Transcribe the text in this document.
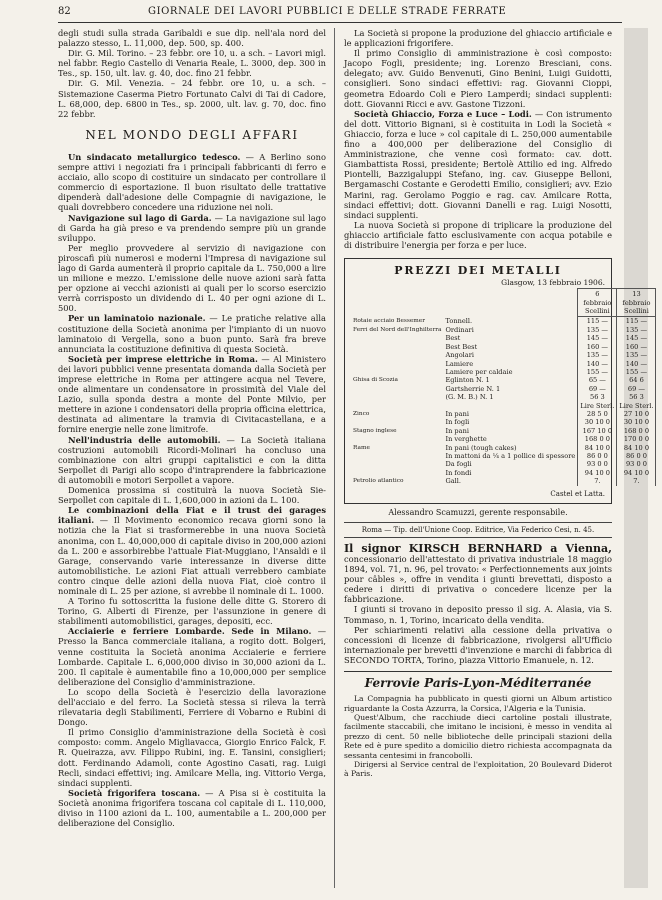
82	GIORNALE DEI LAVORI PUBBLICI E DELLE STRADE FERRATE

degli studi sulla strada Garibaldi e sue dip. nell'ala nord del palazzo stesso, L. 11,000, dep. 500, sp. 400.

Dir. G. Mil. Torino. – 23 febbr. ore 10, u. a sch. – Lavori migl. nel fabbr. Regio Castello di Venaria Reale, L. 3000, dep. 300 in Tes., sp. 150, ult. lav. g. 40, doc. fino 21 febbr.

Dir. G. Mil. Venezia. – 24 febbr. ore 10, u. a sch. – Sistemazione Caserma Pietro Fortunato Calvi di Tai di Cadore, L. 68,000, dep. 6800 in Tes., sp. 2000, ult. lav. g. 70, doc. fino 22 febbr.

NEL MONDO DEGLI AFFARI

Un sindacato metallurgico tedesco. — A Berlino sono sempre attivi i negoziati fra i principali fabbricanti di ferro e acciaio, allo scopo di costituire un sindacato per controllare il commercio di esportazione. Il buon risultato delle trattative dipenderà dall'adesione delle Compagnie di navigazione, le quali dovrebbero concedere una riduzione nei noli.

Navigazione sul lago di Garda. — La navigazione sul lago di Garda ha già preso e va prendendo sempre più un grande sviluppo.

Per meglio provvedere al servizio di navigazione con piroscafi più numerosi e moderni l'Impresa di navigazione sul lago di Garda aumenterà il proprio capitale da L. 750,000 a lire un milione e mezzo. L'emissione delle nuove azioni sarà fatta per opzione ai vecchi azionisti ai quali per lo scorso esercizio verrà corrisposto un dividendo di L. 40 per ogni azione di L. 500.

Per un laminatoio nazionale. — Le pratiche relative alla costituzione della Società anonima per l'impianto di un nuovo laminatoio di Vergella, sono a buon punto. Sarà fra breve annunciata la costituzione definitiva di questa Società.

Società per imprese elettriche in Roma. — Al Ministero dei lavori pubblici venne presentata domanda dalla Società per imprese elettriche in Roma per attingere acqua nel Tevere, onde alimentare un condensatore in prossimità del Viale del Lazio, sulla sponda destra a monte del Ponte Milvio, per mettere in azione i condensatori della propria officina elettrica, destinata ad alimentare la tramvia di Civitacastellana, e a fornire energie nelle zone limitrofe.

Nell'industria delle automobili. — La Società italiana costruzioni automobili Ricordi-Molinari ha concluso una combinazione con altri gruppi capitalistici e con la ditta Serpollet di Parigi allo scopo d'intraprendere la fabbricazione di automobili e motori Serpollet a vapore.

Domenica prossima si costituirà la nuova Società Sie-Serpollet con capitale di L. 1,600,000 in azioni da L. 100.

Le combinazioni della Fiat e il trust dei garages italiani. — Il Movimento economico recava giorni sono la notizia che la Fiat si trasformerebbe in una nuova Società anonima, con L. 40,000,000 di capitale diviso in 200,000 azioni da L. 200 e assorbirebbe l'attuale Fiat-Muggiano, l'Ansaldi e il Garage, conservando varie interessanze in diverse ditte automobilistiche. Le azioni Fiat attuali verrebbero cambiate contro cinque delle azioni della nuova Fiat, cioè contro il nominale di L. 25 per azione, si avrebbe il nominale di L. 1000.

A Torino fu sottoscritta la fusione delle ditte G. Storero di Torino, G. Alberti di Firenze, per l'assunzione in genere di stabilimenti automobilistici, garages, depositi, ecc.

Acciaierie e ferriere Lombarde. Sede in Milano. — Presso la Banca commerciale italiana, a rogito dott. Bolgeri, venne costituita la Società anonima Acciaierie e ferriere Lombarde. Capitale L. 6,000,000 diviso in 30,000 azioni da L. 200. Il capitale è aumentabile fino a 10,000,000 per semplice deliberazione del Consiglio d'amministrazione.

Lo scopo della Società è l'esercizio della lavorazione dell'acciaio e del ferro. La Società stessa si rileva la terrà rilevataria degli Stabilimenti, Ferriere di Vobarno e Rubini di Dongo.

Il primo Consiglio d'amministrazione della Società è così composto: comm. Angelo Migliavacca, Giorgio Enrico Falck, F. R. Queirazza, avv. Filippo Rubini, ing. E. Tansini, consiglieri; dott. Ferdinando Adamoli, conte Agostino Casati, rag. Luigi Recli, sindaci effettivi; ing. Amilcare Mella, ing. Vittorio Verga, sindaci supplenti.

Società frigorifera toscana. — A Pisa si è costituita la Società anonima frigorifera toscana col capitale di L. 110,000, diviso in 1100 azioni da L. 100, aumentabile a L. 200,000 per deliberazione del Consiglio.

La Società si propone la produzione del ghiaccio artificiale e le applicazioni frigorifere.

Il primo Consiglio di amministrazione è così composto: Jacopo Fogli, presidente; ing. Lorenzo Bresciani, cons. delegato; avv. Guido Benvenuti, Gino Benini, Luigi Guidotti, consiglieri. Sono sindaci effettivi: rag. Giovanni Cioppi, geometra Edoardo Coli e Piero Lamperdi; sindaci supplenti: dott. Giovanni Ricci e avv. Gastone Tizzoni.

Società Ghiaccio, Forza e Luce – Lodi. — Con istrumento del dott. Vittorio Bignani, si è costituita in Lodi la Società « Ghiaccio, forza e luce » col capitale di L. 250,000 aumentabile fino a 400,000 per deliberazione del Consiglio di Amministrazione, che venne così formato: cav. dott. Giambattista Rossi, presidente; Bertolè Attilio ed ing. Alfredo Piontelli, Bazzigaluppi Stefano, ing. cav. Giuseppe Belloni, Bergamaschi Costante e Gerodetti Emilio, consiglieri; avv. Ezio Marini, rag. Gerolamo Poggio e rag. cav. Amilcare Rotta, sindaci effettivi; dott. Giovanni Danelli e rag. Luigi Nosotti, sindaci supplenti.

La nuova Società si propone di triplicare la produzione del ghiaccio artificiale fatto esclusivamente con acqua potabile e di distribuire l'energia per forza e per luce.

PREZZI DEI METALLI
Glasgow, 13 febbraio 1906.
		6 febbraio Scellini	13 febbraio Scellini
Rotaie acciaio Bessemer	Tonnell.	115 —	115 —
Ferri del Nord dell'Inghilterra	Ordinari	135 —	135 —
	Best	145 —	145 —
	Best Best	160 —	160 —
	Angolari	135 —	135 —
	Lamiere	140 —	140 —
	Lamiere per caldaie	155 —	155 —
Ghisa di Scozia	Eglinton N. 1	65 —	64 6
	Gartsherrie N. 1	69 —	69 —
	(G. M. B.) N. 1	56 3	56 3
		Lire Sterl.	Lire Sterl.
Zinco	In pani	28 5 0	27 10 0
	In fogli	30 10 0	30 10 0
Stagno inglese	In pani	167 10 0	168 0 0
	In verghette	168 0 0	170 0 0
Rame	In pani (tough cakes)	84 10 0	84 10 0
	In mattoni da ¼ a 1 pollice di spessore	86 0 0	86 0 0
	Da fogli	93 0 0	93 0 0
	In fondi	94 10 0	94 10 0
Petrolio atlantico	Gall.	7.	7.
Castel et Latta.
Alessandro Scamuzzi, gerente responsabile.
Roma — Tip. dell'Unione Coop. Editrice, Via Federico Cesi, n. 45.

Il signor KIRSCH BERNHARD a Vienna, concessionario dell'attestato di privativa industriale 18 maggio 1894, vol. 71, n. 96, pel trovato: « Perfectionnements aux joints pour câbles », offre in vendita i giunti brevettati, disposto a cedere i diritti di privativa o concedere licenze per la fabbricazione.

I giunti si trovano in deposito presso il sig. A. Alasia, via S. Tommaso, n. 1, Torino, incaricato della vendita.

Per schiarimenti relativi alla cessione della privativa o concessioni di licenze di fabbricazione, rivolgersi all'Ufficio internazionale per brevetti d'invenzione e marchi di fabbrica di SECONDO TORTA, Torino, piazza Vittorio Emanuele, n. 12.

Ferrovie Paris-Lyon-Méditerranée

La Compagnia ha pubblicato in questi giorni un Album artistico riguardante la Costa Azzurra, la Corsica, l'Algeria e la Tunisia.

Quest'Album, che racchiude dieci cartoline postali illustrate, facilmente staccabili, che imitano le incisioni, è messo in vendita al prezzo di cent. 50 nelle biblioteche delle principali stazioni della Rete ed è pure spedito a domicilio dietro richiesta accompagnata da sessanta centesimi in francobolli.

Dirigersi al Service central de l'exploitation, 20 Boulevard Diderot à Paris.
